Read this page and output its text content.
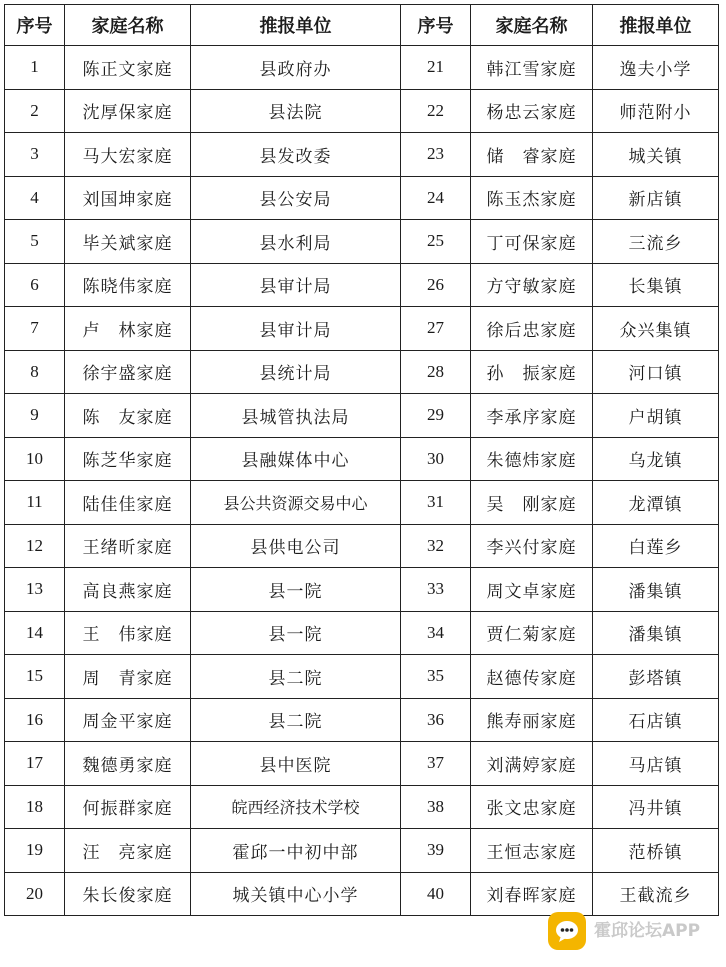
序号	家庭名称	推报单位	序号	家庭名称	推报单位
1	陈正文家庭	县政府办	21	韩江雪家庭	逸夫小学
2	沈厚保家庭	县法院	22	杨忠云家庭	师范附小
3	马大宏家庭	县发改委	23	储　睿家庭	城关镇
4	刘国坤家庭	县公安局	24	陈玉杰家庭	新店镇
5	毕关斌家庭	县水利局	25	丁可保家庭	三流乡
6	陈晓伟家庭	县审计局	26	方守敏家庭	长集镇
7	卢　林家庭	县审计局	27	徐后忠家庭	众兴集镇
8	徐宇盛家庭	县统计局	28	孙　振家庭	河口镇
9	陈　友家庭	县城管执法局	29	李承序家庭	户胡镇
10	陈芝华家庭	县融媒体中心	30	朱德炜家庭	乌龙镇
11	陆佳佳家庭	县公共资源交易中心	31	吴　刚家庭	龙潭镇
12	王绪昕家庭	县供电公司	32	李兴付家庭	白莲乡
13	高良燕家庭	县一院	33	周文卓家庭	潘集镇
14	王　伟家庭	县一院	34	贾仁菊家庭	潘集镇
15	周　青家庭	县二院	35	赵德传家庭	彭塔镇
16	周金平家庭	县二院	36	熊寿丽家庭	石店镇
17	魏德勇家庭	县中医院	37	刘满婷家庭	马店镇
18	何振群家庭	皖西经济技术学校	38	张文忠家庭	冯井镇
19	汪　亮家庭	霍邱一中初中部	39	王恒志家庭	范桥镇
20	朱长俊家庭	城关镇中心小学	40	刘春晖家庭	王截流乡
霍邱论坛APP
